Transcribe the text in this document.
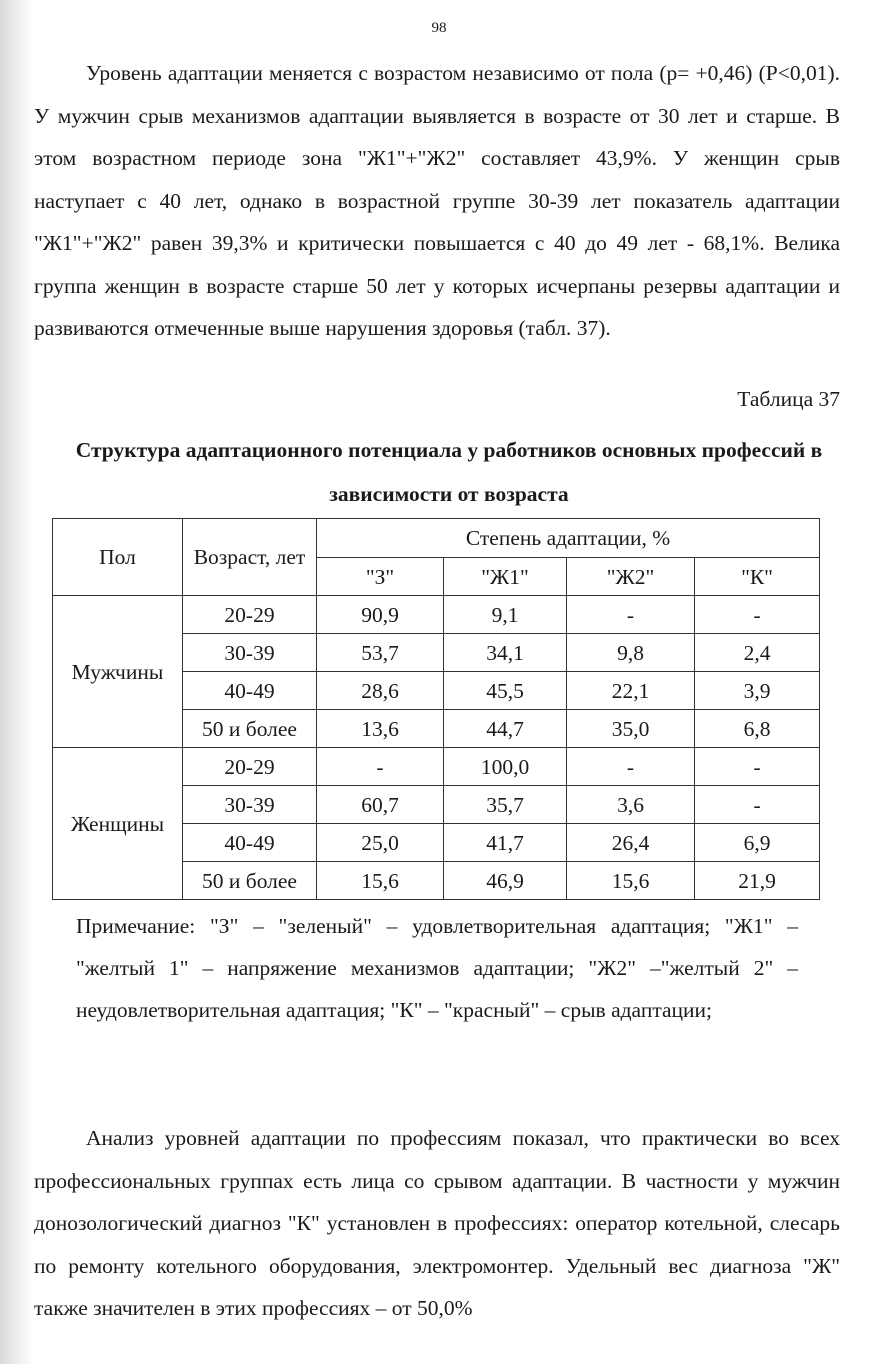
98

Уровень адаптации меняется с возрастом независимо от пола (р= +0,46) (Р<0,01). У мужчин срыв механизмов адаптации выявляется в возрасте от 30 лет и старше. В этом возрастном периоде зона "Ж1"+"Ж2" составляет 43,9%. У женщин срыв наступает с 40 лет, однако в возрастной группе 30-39 лет показатель адаптации "Ж1"+"Ж2" равен 39,3% и критически повышается с 40 до 49 лет - 68,1%. Велика группа женщин в возрасте старше 50 лет у которых исчерпаны резервы адаптации и развиваются отмеченные выше нарушения здоровья (табл. 37).

Таблица 37

Структура адаптационного потенциала у работников основных профессий в зависимости от возраста

Пол	Возраст, лет	Степень адаптации, %			
		"З"	"Ж1"	"Ж2"	"К"
Мужчины	20-29	90,9	9,1	-	-
	30-39	53,7	34,1	9,8	2,4
	40-49	28,6	45,5	22,1	3,9
	50 и более	13,6	44,7	35,0	6,8
Женщины	20-29	-	100,0	-	-
	30-39	60,7	35,7	3,6	-
	40-49	25,0	41,7	26,4	6,9
	50 и более	15,6	46,9	15,6	21,9

Примечание: "З" – "зеленый" – удовлетворительная адаптация; "Ж1" – "желтый 1" – напряжение механизмов адаптации; "Ж2" –"желтый 2" – неудовлетворительная адаптация; "К" – "красный" – срыв адаптации;

Анализ уровней адаптации по профессиям показал, что практически во всех профессиональных группах есть лица со срывом адаптации. В частности у мужчин донозологический диагноз "К" установлен в профессиях: оператор котельной, слесарь по ремонту котельного оборудования, электромонтер. Удельный вес диагноза "Ж" также значителен в этих профессиях – от 50,0%
